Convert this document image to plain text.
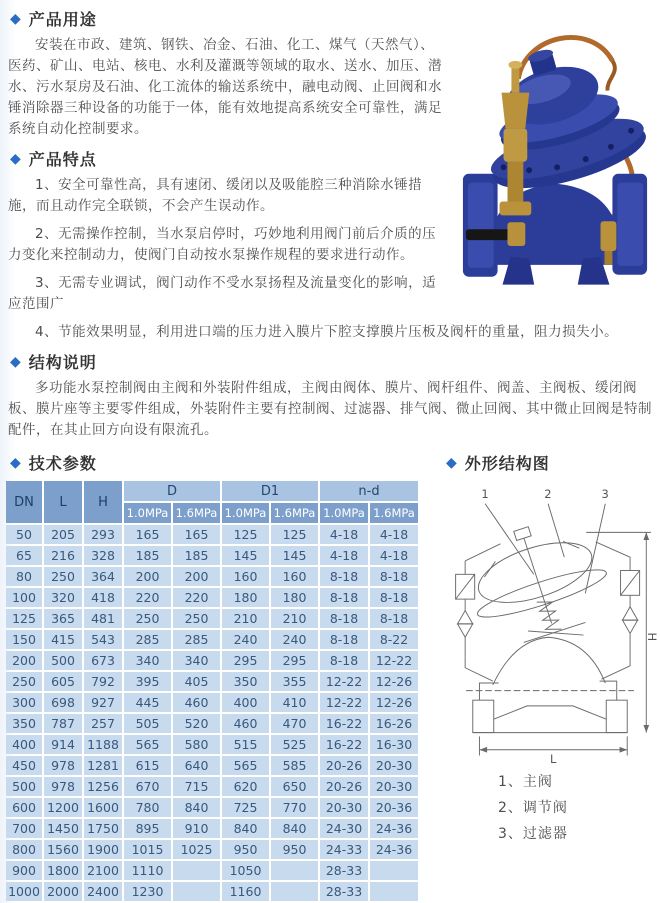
◆ 产品用途

安装在市政、建筑、钢铁、冶金、石油、化工、煤气（天然气）、医药、矿山、电站、核电、水利及灌溉等领域的取水、送水、加压、潜水、污水泵房及石油、化工流体的输送系统中，融电动阀、止回阀和水锤消除器三种设备的功能于一体，能有效地提高系统安全可靠性，满足系统自动化控制要求。

◆ 产品特点

1、安全可靠性高，具有速闭、缓闭以及吸能腔三种消除水锤措施，而且动作完全联锁，不会产生误动作。

2、无需操作控制，当水泵启停时，巧妙地利用阀门前后介质的压力变化来控制动力，使阀门自动按水泵操作规程的要求进行动作。

3、无需专业调试，阀门动作不受水泵扬程及流量变化的影响，适应范围广

4、节能效果明显，利用进口端的压力进入膜片下腔支撑膜片压板及阀杆的重量，阻力损失小。

◆ 结构说明

多功能水泵控制阀由主阀和外装附件组成，主阀由阀体、膜片、阀杆组件、阀盖、主阀板、缓闭阀板、膜片座等主要零件组成，外装附件主要有控制阀、过滤器、排气阀、微止回阀、其中微止回阀是特制配件，在其止回方向设有限流孔。

◆ 技术参数
DN	L	H	D		D1		n-d	
			1.0MPa	1.6MPa	1.0MPa	1.6MPa	1.0MPa	1.6MPa
50	205	293	165	165	125	125	4-18	4-18
65	216	328	185	185	145	145	4-18	4-18
80	250	364	200	200	160	160	8-18	8-18
100	320	418	220	220	180	180	8-18	8-18
125	365	481	250	250	210	210	8-18	8-18
150	415	543	285	285	240	240	8-18	8-22
200	500	673	340	340	295	295	8-18	12-22
250	605	792	395	405	350	355	12-22	12-26
300	698	927	445	460	400	410	12-22	12-26
350	787	257	505	520	460	470	16-22	16-26
400	914	1188	565	580	515	525	16-22	16-30
450	978	1281	615	640	565	585	20-26	20-30
500	978	1256	670	715	620	650	20-26	20-30
600	1200	1600	780	840	725	770	20-30	20-36
700	1450	1750	895	910	840	840	24-30	24-36
800	1560	1900	1015	1025	950	950	24-33	24-36
900	1800	2100	1110		1050		28-33	
1000	2000	2400	1230		1160		28-33	
◆ 外形结构图
1	2	3
H
L
1、主阀
2、调节阀
3、过滤器
